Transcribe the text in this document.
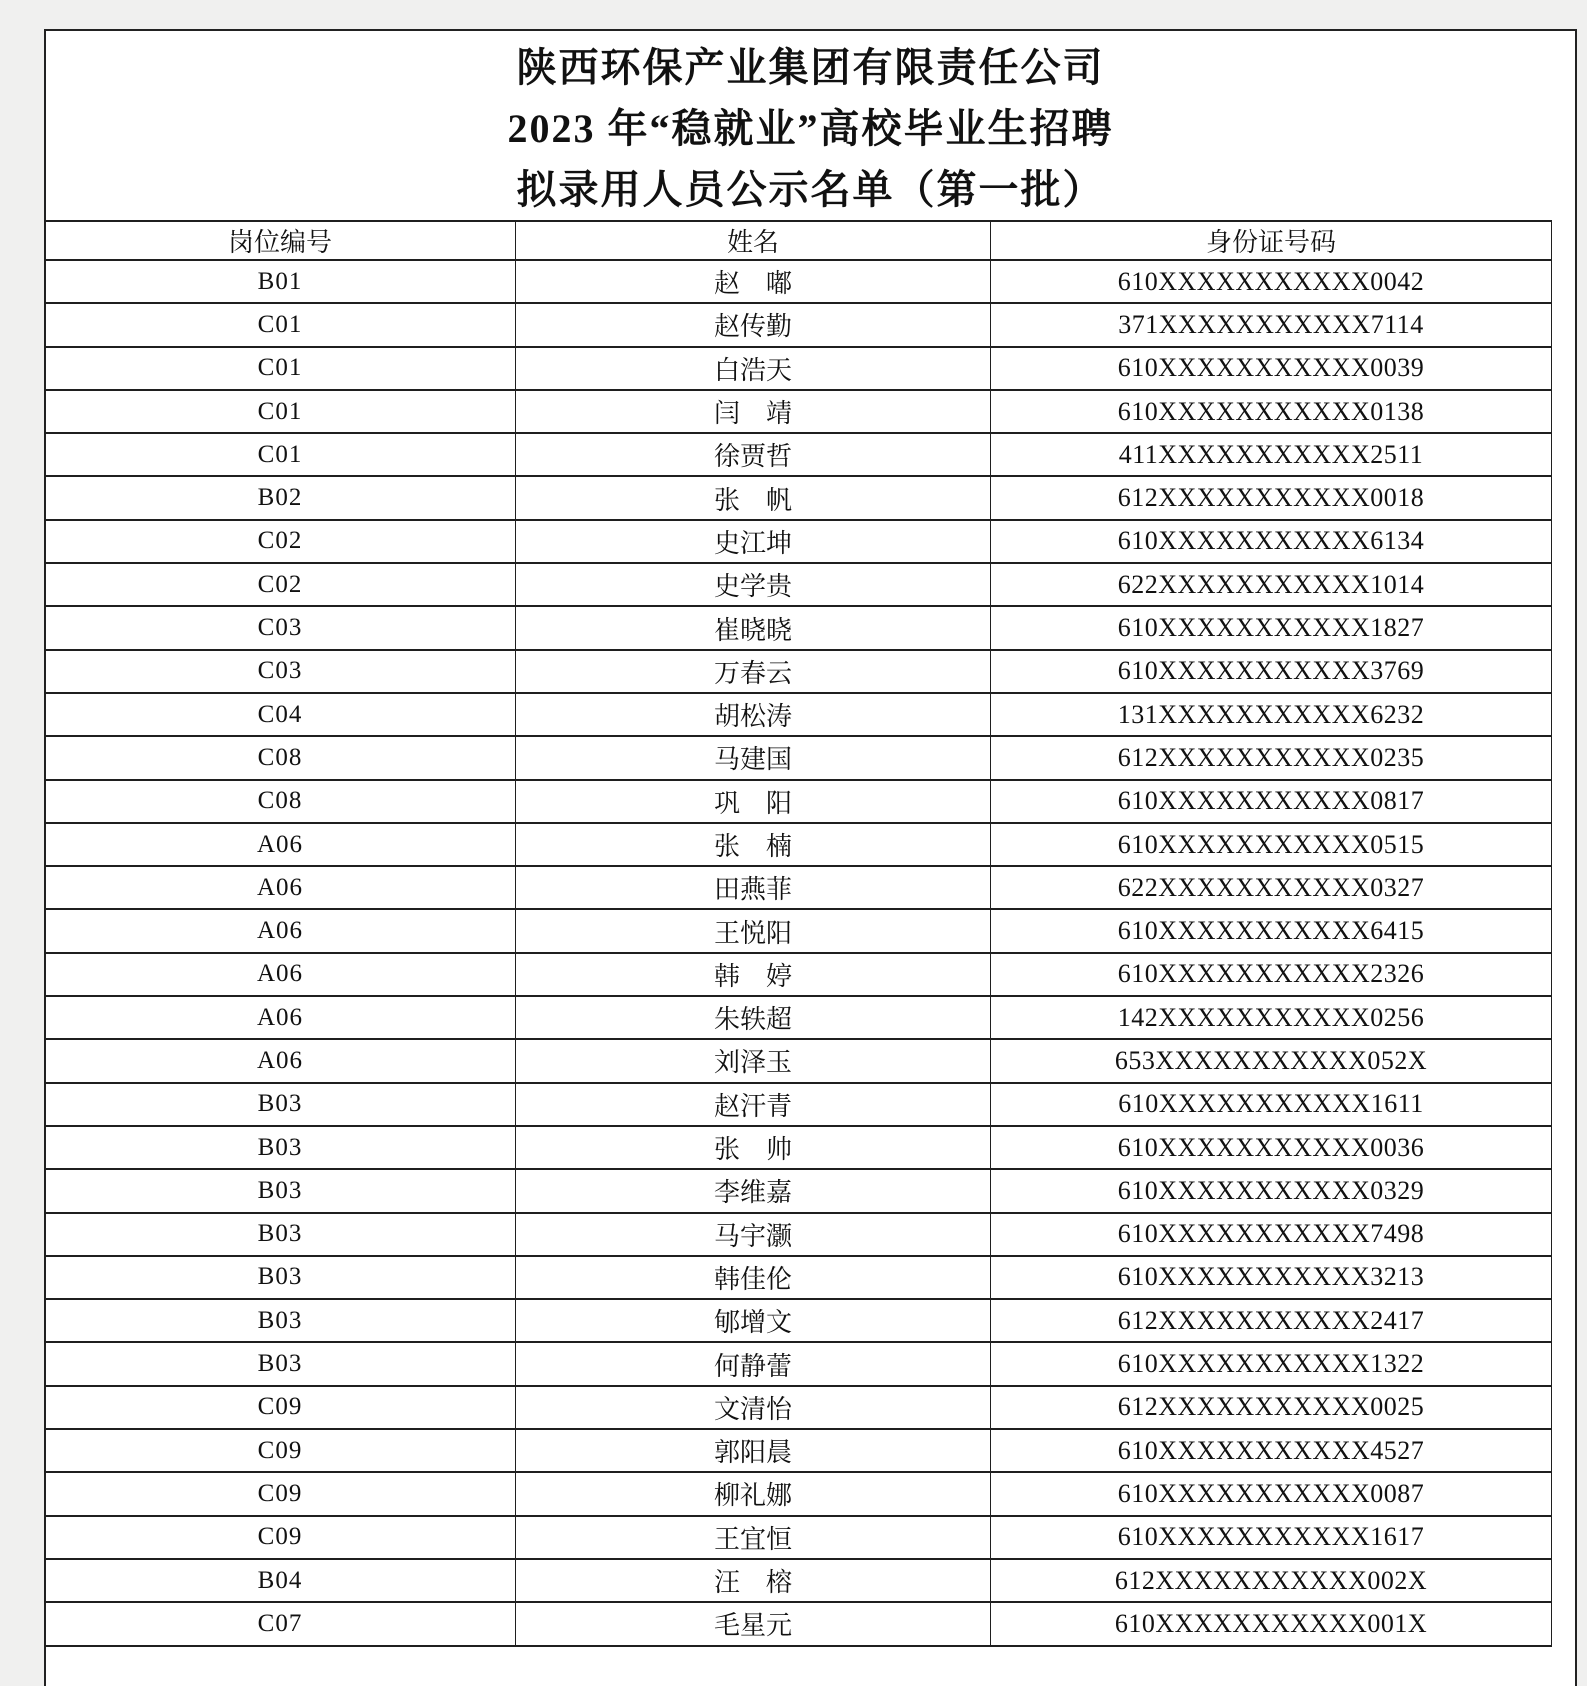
陕西环保产业集团有限责任公司
2023 年“稳就业”高校毕业生招聘
拟录用人员公示名单（第一批）
岗位编号	姓名	身份证号码
B01	赵　嘟	610XXXXXXXXXXX0042
C01	赵传勤	371XXXXXXXXXXX7114
C01	白浩天	610XXXXXXXXXXX0039
C01	闫　靖	610XXXXXXXXXXX0138
C01	徐贾哲	411XXXXXXXXXXX2511
B02	张　帆	612XXXXXXXXXXX0018
C02	史江坤	610XXXXXXXXXXX6134
C02	史学贵	622XXXXXXXXXXX1014
C03	崔晓晓	610XXXXXXXXXXX1827
C03	万春云	610XXXXXXXXXXX3769
C04	胡松涛	131XXXXXXXXXXX6232
C08	马建国	612XXXXXXXXXXX0235
C08	巩　阳	610XXXXXXXXXXX0817
A06	张　楠	610XXXXXXXXXXX0515
A06	田燕菲	622XXXXXXXXXXX0327
A06	王悦阳	610XXXXXXXXXXX6415
A06	韩　婷	610XXXXXXXXXXX2326
A06	朱轶超	142XXXXXXXXXXX0256
A06	刘泽玉	653XXXXXXXXXXX052X
B03	赵汗青	610XXXXXXXXXXX1611
B03	张　帅	610XXXXXXXXXXX0036
B03	李维嘉	610XXXXXXXXXXX0329
B03	马宇灏	610XXXXXXXXXXX7498
B03	韩佳伦	610XXXXXXXXXXX3213
B03	郇增文	612XXXXXXXXXXX2417
B03	何静蕾	610XXXXXXXXXXX1322
C09	文清怡	612XXXXXXXXXXX0025
C09	郭阳晨	610XXXXXXXXXXX4527
C09	柳礼娜	610XXXXXXXXXXX0087
C09	王宜恒	610XXXXXXXXXXX1617
B04	汪　榕	612XXXXXXXXXXX002X
C07	毛星元	610XXXXXXXXXXX001X
